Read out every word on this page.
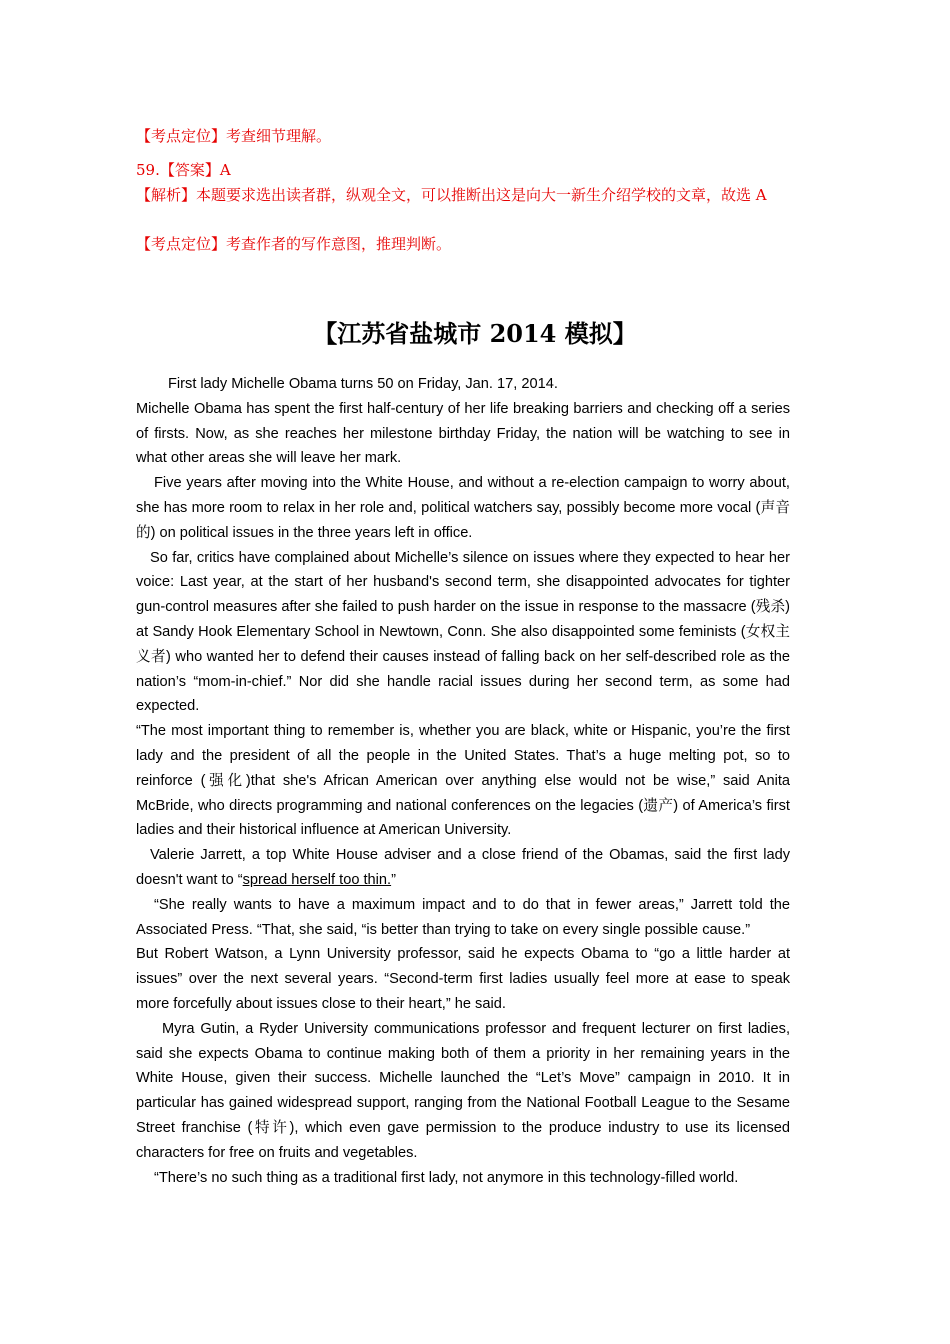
【考点定位】考查细节理解。

59.【答案】A

【解析】本题要求选出读者群，纵观全文，可以推断出这是向大一新生介绍学校的文章，故选 A

【考点定位】考查作者的写作意图，推理判断。

【江苏省盐城市 2014 模拟】

First lady Michelle Obama turns 50 on Friday, Jan. 17, 2014.

Michelle Obama has spent the first half-century of her life breaking barriers and checking off a series of firsts. Now, as she reaches her milestone birthday Friday, the nation will be watching to see in what other areas she will leave her mark.

Five years after moving into the White House, and without a re-election campaign to worry about, she has more room to relax in her role and, political watchers say, possibly become more vocal (声音的) on political issues in the three years left in office.

So far, critics have complained about Michelle’s silence on issues where they expected to hear her voice: Last year, at the start of her husband's second term, she disappointed advocates for tighter gun-control measures after she failed to push harder on the issue in response to the massacre (残杀) at Sandy Hook Elementary School in Newtown, Conn. She also disappointed some feminists (女权主义者) who wanted her to defend their causes instead of falling back on her self-described role as the nation’s “mom-in-chief.” Nor did she handle racial issues during her second term, as some had expected.

“The most important thing to remember is, whether you are black, white or Hispanic, you’re the first lady and the president of all the people in the United States. That’s a huge melting pot, so to reinforce (强化)that she's African American over anything else would not be wise,” said Anita McBride, who directs programming and national conferences on the legacies (遗产) of America’s first ladies and their historical influence at American University.

Valerie Jarrett, a top White House adviser and a close friend of the Obamas, said the first lady doesn't want to “spread herself too thin.”

“She really wants to have a maximum impact and to do that in fewer areas,” Jarrett told the Associated Press. “That, she said, “is better than trying to take on every single possible cause.”

But Robert Watson, a Lynn University professor, said he expects Obama to “go a little harder at issues” over the next several years. “Second-term first ladies usually feel more at ease to speak more forcefully about issues close to their heart,” he said.

Myra Gutin, a Ryder University communications professor and frequent lecturer on first ladies, said she expects Obama to continue making both of them a priority in her remaining years in the White House, given their success. Michelle launched the “Let’s Move” campaign in 2010. It in particular has gained widespread support, ranging from the National Football League to the Sesame Street franchise (特许), which even gave permission to the produce industry to use its licensed characters for free on fruits and vegetables.

“There’s no such thing as a traditional first lady, not anymore in this technology-filled world.
